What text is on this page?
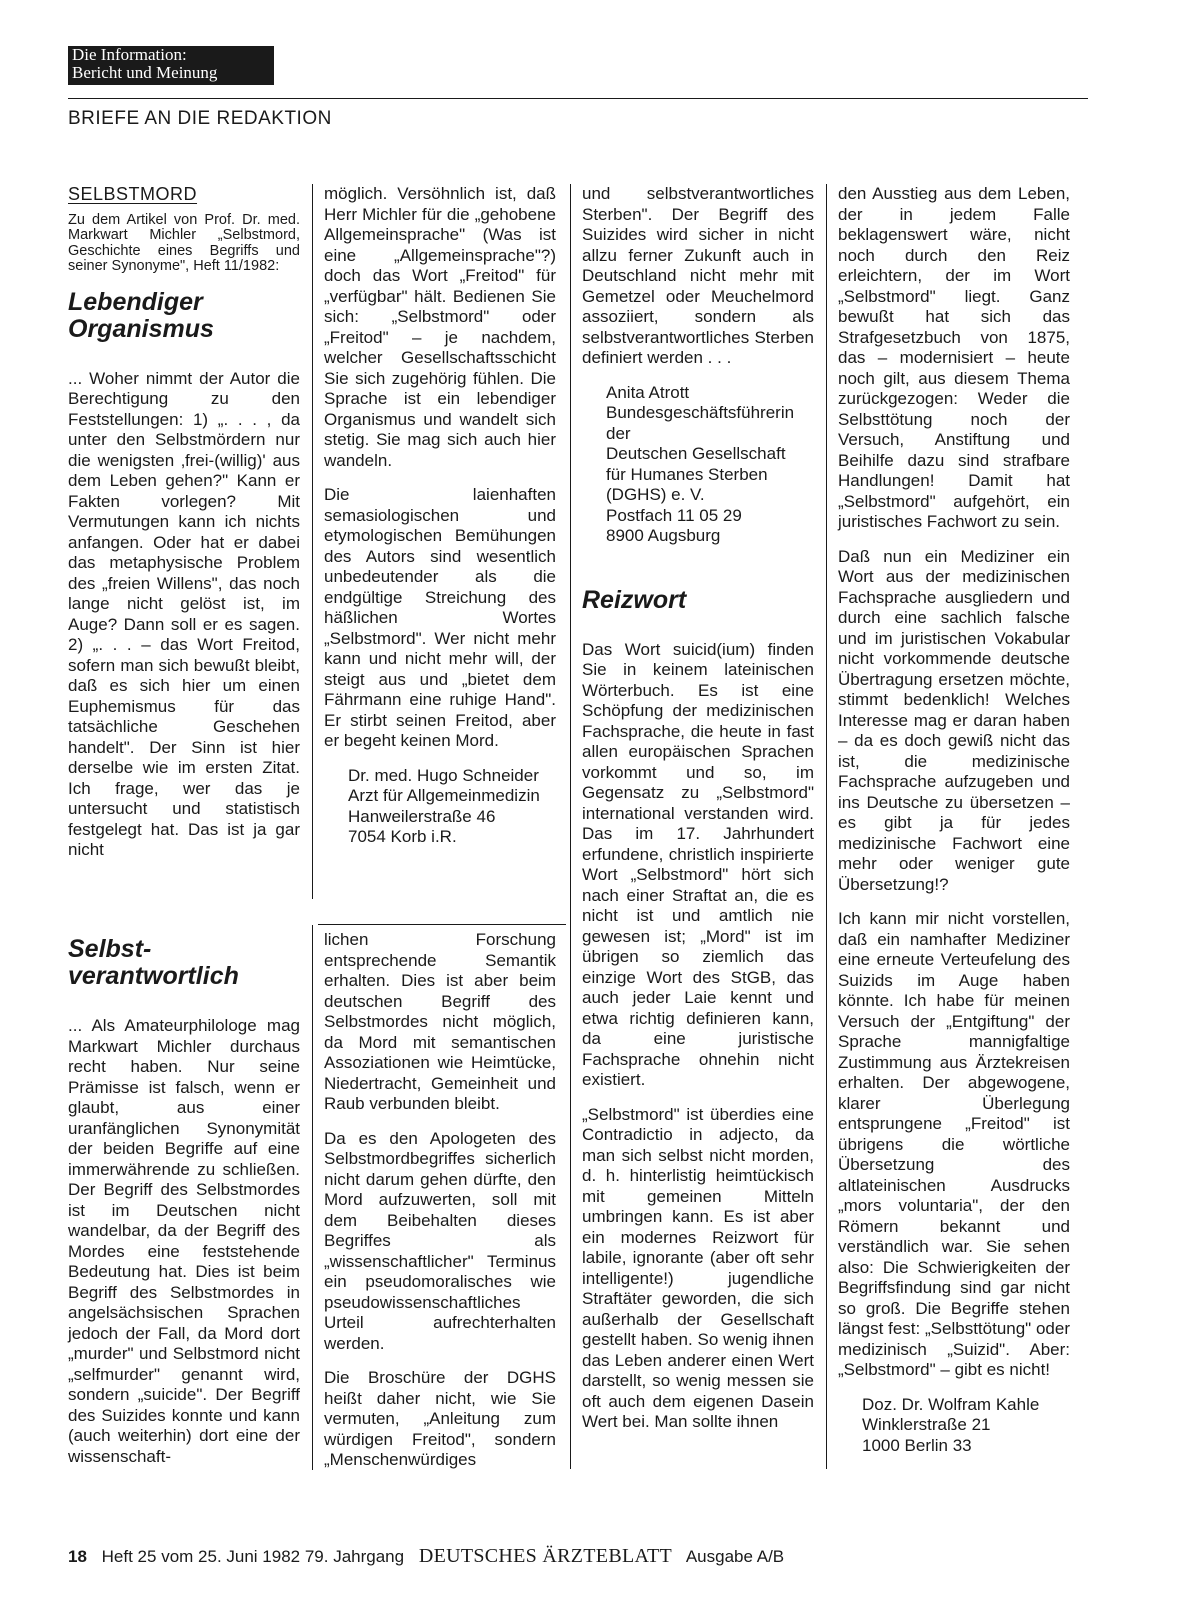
Die Information:
Bericht und Meinung
BRIEFE AN DIE REDAKTION
SELBSTMORD

Zu dem Artikel von Prof. Dr. med. Markwart Michler „Selbstmord, Geschichte eines Begriffs und seiner Synonyme", Heft 11/1982:

Lebendiger
Organismus

... Woher nimmt der Autor die Berechtigung zu den Feststellungen: 1) „. . . , da unter den Selbstmördern nur die wenigsten ‚frei-(willig)' aus dem Leben gehen?" Kann er Fakten vorlegen? Mit Vermutungen kann ich nichts anfangen. Oder hat er dabei das metaphysische Problem des „freien Willens", das noch lange nicht gelöst ist, im Auge? Dann soll er es sagen. 2) „. . . – das Wort Freitod, sofern man sich bewußt bleibt, daß es sich hier um einen Euphemismus für das tatsächliche Geschehen handelt". Der Sinn ist hier derselbe wie im ersten Zitat. Ich frage, wer das je untersucht und statistisch festgelegt hat. Das ist ja gar nicht

möglich. Versöhnlich ist, daß Herr Michler für die „gehobene Allgemeinsprache" (Was ist eine „Allgemeinsprache"?) doch das Wort „Freitod" für „verfügbar" hält. Bedienen Sie sich: „Selbstmord" oder „Freitod" – je nachdem, welcher Gesellschaftsschicht Sie sich zugehörig fühlen. Die Sprache ist ein lebendiger Organismus und wandelt sich stetig. Sie mag sich auch hier wandeln.

Die laienhaften semasiologischen und etymologischen Bemühungen des Autors sind wesentlich unbedeutender als die endgültige Streichung des häßlichen Wortes „Selbstmord". Wer nicht mehr kann und nicht mehr will, der steigt aus und „bietet dem Fährmann eine ruhige Hand". Er stirbt seinen Freitod, aber er begeht keinen Mord.

Dr. med. Hugo Schneider
Arzt für Allgemeinmedizin
Hanweilerstraße 46
7054 Korb i.R.

und selbstverantwortliches Sterben". Der Begriff des Suizides wird sicher in nicht allzu ferner Zukunft auch in Deutschland nicht mehr mit Gemetzel oder Meuchelmord assoziiert, sondern als selbstverantwortliches Sterben definiert werden . . .

Anita Atrott
Bundesgeschäftsführerin
der
Deutschen Gesellschaft
für Humanes Sterben
(DGHS) e. V.
Postfach 11 05 29
8900 Augsburg
Reizwort

Das Wort suicid(ium) finden Sie in keinem lateinischen Wörterbuch. Es ist eine Schöpfung der medizinischen Fachsprache, die heute in fast allen europäischen Sprachen vorkommt und so, im Gegensatz zu „Selbstmord" international verstanden wird. Das im 17. Jahrhundert erfundene, christlich inspirierte Wort „Selbstmord" hört sich nach einer Straftat an, die es nicht ist und amtlich nie gewesen ist; „Mord" ist im übrigen so ziemlich das einzige Wort des StGB, das auch jeder Laie kennt und etwa richtig definieren kann, da eine juristische Fachsprache ohnehin nicht existiert.

„Selbstmord" ist überdies eine Contradictio in adjecto, da man sich selbst nicht morden, d. h. hinterlistig heimtückisch mit gemeinen Mitteln umbringen kann. Es ist aber ein modernes Reizwort für labile, ignorante (aber oft sehr intelligente!) jugendliche Straftäter geworden, die sich außerhalb der Gesellschaft gestellt haben. So wenig ihnen das Leben anderer einen Wert darstellt, so wenig messen sie oft auch dem eigenen Dasein Wert bei. Man sollte ihnen

den Ausstieg aus dem Leben, der in jedem Falle beklagenswert wäre, nicht noch durch den Reiz erleichtern, der im Wort „Selbstmord" liegt. Ganz bewußt hat sich das Strafgesetzbuch von 1875, das – modernisiert – heute noch gilt, aus diesem Thema zurückgezogen: Weder die Selbsttötung noch der Versuch, Anstiftung und Beihilfe dazu sind strafbare Handlungen! Damit hat „Selbstmord" aufgehört, ein juristisches Fachwort zu sein.

Daß nun ein Mediziner ein Wort aus der medizinischen Fachsprache ausgliedern und durch eine sachlich falsche und im juristischen Vokabular nicht vorkommende deutsche Übertragung ersetzen möchte, stimmt bedenklich! Welches Interesse mag er daran haben – da es doch gewiß nicht das ist, die medizinische Fachsprache aufzugeben und ins Deutsche zu übersetzen – es gibt ja für jedes medizinische Fachwort eine mehr oder weniger gute Übersetzung!?

Ich kann mir nicht vorstellen, daß ein namhafter Mediziner eine erneute Verteufelung des Suizids im Auge haben könnte. Ich habe für meinen Versuch der „Entgiftung" der Sprache mannigfaltige Zustimmung aus Ärztekreisen erhalten. Der abgewogene, klarer Überlegung entsprungene „Freitod" ist übrigens die wörtliche Übersetzung des altlateinischen Ausdrucks „mors voluntaria", der den Römern bekannt und verständlich war. Sie sehen also: Die Schwierigkeiten der Begriffsfindung sind gar nicht so groß. Die Begriffe stehen längst fest: „Selbsttötung" oder medizinisch „Suizid". Aber: „Selbstmord" – gibt es nicht!

Doz. Dr. Wolfram Kahle
Winklerstraße 21
1000 Berlin 33
Selbst-
verantwortlich

... Als Amateurphilologe mag Markwart Michler durchaus recht haben. Nur seine Prämisse ist falsch, wenn er glaubt, aus einer uranfänglichen Synonymität der beiden Begriffe auf eine immerwährende zu schließen. Der Begriff des Selbstmordes ist im Deutschen nicht wandelbar, da der Begriff des Mordes eine feststehende Bedeutung hat. Dies ist beim Begriff des Selbstmordes in angelsächsischen Sprachen jedoch der Fall, da Mord dort „murder" und Selbstmord nicht „selfmurder" genannt wird, sondern „suicide". Der Begriff des Suizides konnte und kann (auch weiterhin) dort eine der wissenschaft-

lichen Forschung entsprechende Semantik erhalten. Dies ist aber beim deutschen Begriff des Selbstmordes nicht möglich, da Mord mit semantischen Assoziationen wie Heimtücke, Niedertracht, Gemeinheit und Raub verbunden bleibt.

Da es den Apologeten des Selbstmordbegriffes sicherlich nicht darum gehen dürfte, den Mord aufzuwerten, soll mit dem Beibehalten dieses Begriffes als „wissenschaftlicher" Terminus ein pseudomoralisches wie pseudowissenschaftliches Urteil aufrechterhalten werden.

Die Broschüre der DGHS heißt daher nicht, wie Sie vermuten, „Anleitung zum würdigen Freitod", sondern „Menschenwürdiges

18 Heft 25 vom 25. Juni 1982 79. Jahrgang DEUTSCHES ÄRZTEBLATT Ausgabe A/B
